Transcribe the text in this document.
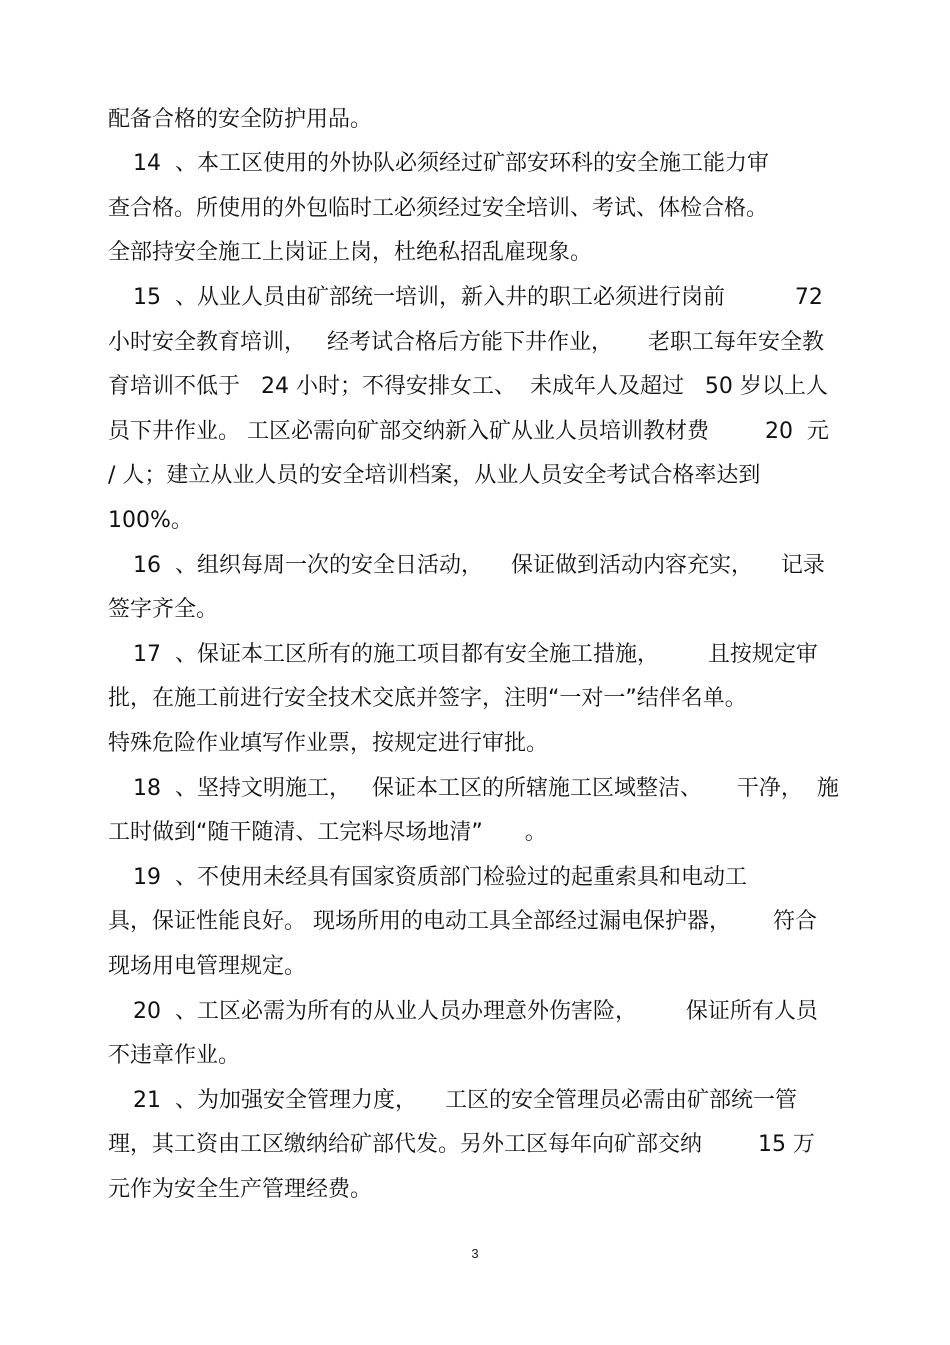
配备合格的安全防护用品。
14  、本工区使用的外协队必须经过矿部安环科的安全施工能力审
查合格。所使用的外包临时工必须经过安全培训、考试、体检合格。
全部持安全施工上岗证上岗，杜绝私招乱雇现象。
15  、从业人员由矿部统一培训，新入井的职工必须进行岗前          72
小时安全教育培训，   经考试合格后方能下井作业，     老职工每年安全教
育培训不低于   24 小时；不得安排女工、  未成年人及超过   50 岁以上人
员下井作业。 工区必需向矿部交纳新入矿从业人员培训教材费        20  元
/ 人；建立从业人员的安全培训档案，从业人员安全考试合格率达到
100%。
16  、组织每周一次的安全日活动，    保证做到活动内容充实，    记录
签字齐全。
17  、保证本工区所有的施工项目都有安全施工措施，       且按规定审
批，在施工前进行安全技术交底并签字，注明“一对一”结伴名单。
特殊危险作业填写作业票，按规定进行审批。
18  、坚持文明施工，   保证本工区的所辖施工区域整洁、     干净，  施
工时做到“随干随清、工完料尽场地清”      。
19  、不使用未经具有国家资质部门检验过的起重索具和电动工
具，保证性能良好。 现场所用的电动工具全部经过漏电保护器，      符合
现场用电管理规定。
20  、工区必需为所有的从业人员办理意外伤害险，       保证所有人员
不违章作业。
21  、为加强安全管理力度，    工区的安全管理员必需由矿部统一管
理，其工资由工区缴纳给矿部代发。另外工区每年向矿部交纳        15 万
元作为安全生产管理经费。
3
